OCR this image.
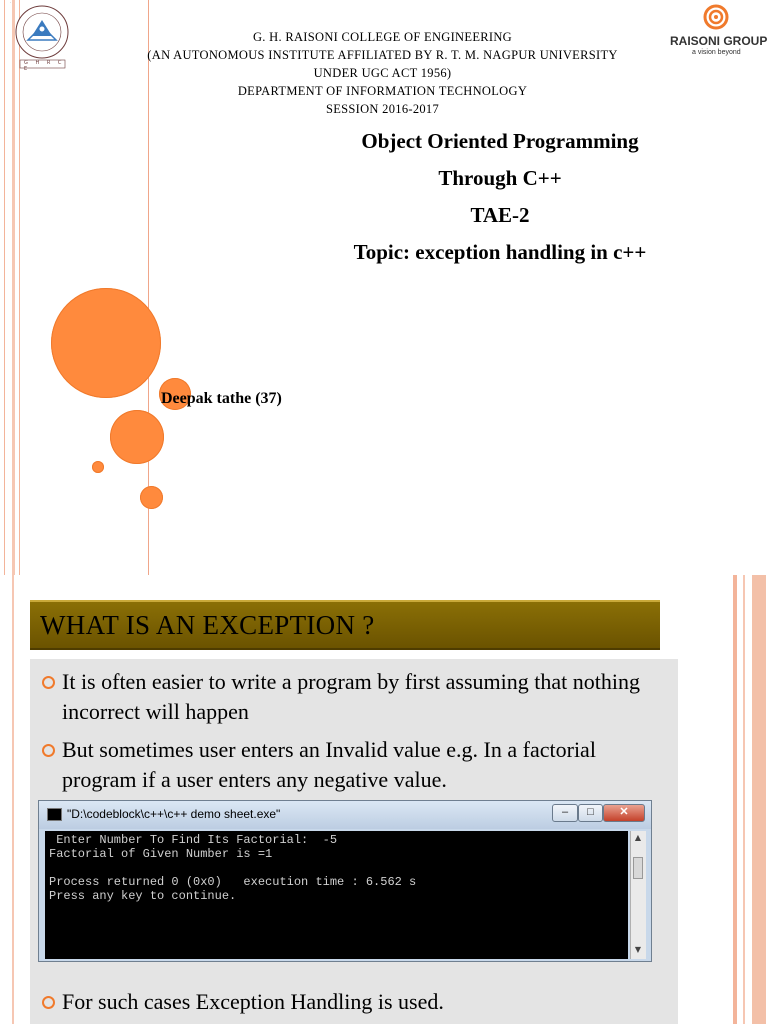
G H R C E
G.
RAISONI GROUP
a vision beyond
G. H. RAISONI COLLEGE OF ENGINEERING
(AN AUTONOMOUS INSTITUTE AFFILIATED BY R. T. M. NAGPUR UNIVERSITY
UNDER UGC ACT 1956)
DEPARTMENT OF INFORMATION TECHNOLOGY
SESSION 2016-2017
Object Oriented Programming
Through C++
TAE-2
Topic: exception handling in c++
Deepak tathe (37)
WHAT IS AN EXCEPTION ?
It is often easier to write a program by first assuming that nothing incorrect will happen
But sometimes user enters an Invalid value e.g. In a factorial program if a user enters any negative value.
"D:\codeblock\c++\c++ demo sheet.exe"	–	□	✕
Enter Number To Find Its Factorial:  -5
Factorial of Given Number is =1
Process returned 0 (0x0)   execution time : 6.562 s
Press any key to continue.
▲
▼
For such cases Exception Handling is used.
